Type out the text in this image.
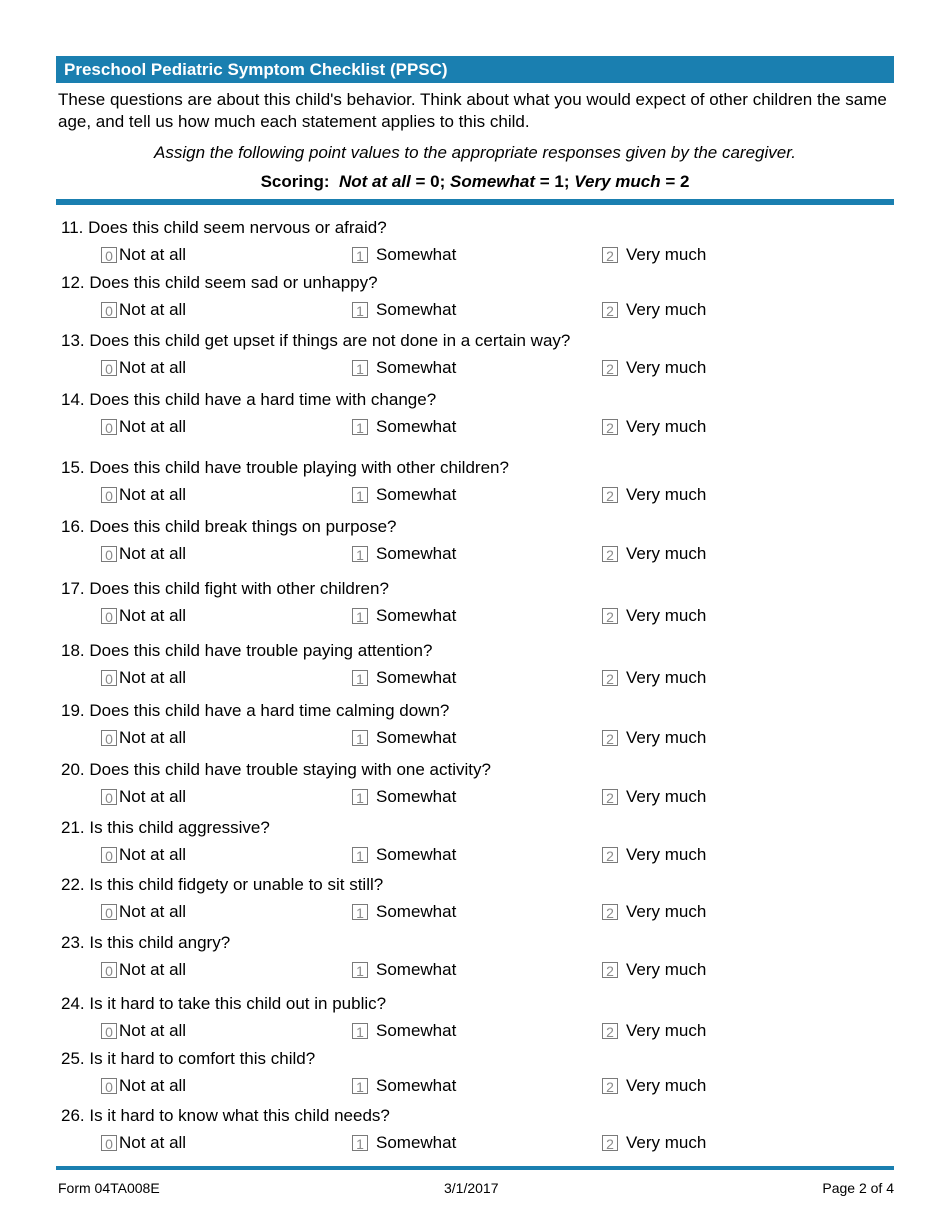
Preschool Pediatric Symptom Checklist (PPSC)
These questions are about this child's behavior. Think about what you would expect of other children the same age, and tell us how much each statement applies to this child.
Assign the following point values to the appropriate responses given by the caregiver.
Scoring: Not at all = 0; Somewhat = 1; Very much = 2
11. Does this child seem nervous or afraid?
0 Not at all	1 Somewhat	2 Very much
12. Does this child seem sad or unhappy?
0 Not at all	1 Somewhat	2 Very much
13. Does this child get upset if things are not done in a certain way?
0 Not at all	1 Somewhat	2 Very much
14. Does this child have a hard time with change?
0 Not at all	1 Somewhat	2 Very much
15. Does this child have trouble playing with other children?
0 Not at all	1 Somewhat	2 Very much
16. Does this child break things on purpose?
0 Not at all	1 Somewhat	2 Very much
17. Does this child fight with other children?
0 Not at all	1 Somewhat	2 Very much
18. Does this child have trouble paying attention?
0 Not at all	1 Somewhat	2 Very much
19. Does this child have a hard time calming down?
0 Not at all	1 Somewhat	2 Very much
20. Does this child have trouble staying with one activity?
0 Not at all	1 Somewhat	2 Very much
21. Is this child aggressive?
0 Not at all	1 Somewhat	2 Very much
22. Is this child fidgety or unable to sit still?
0 Not at all	1 Somewhat	2 Very much
23. Is this child angry?
0 Not at all	1 Somewhat	2 Very much
24. Is it hard to take this child out in public?
0 Not at all	1 Somewhat	2 Very much
25. Is it hard to comfort this child?
0 Not at all	1 Somewhat	2 Very much
26. Is it hard to know what this child needs?
0 Not at all	1 Somewhat	2 Very much
Form 04TA008E	3/1/2017	Page 2 of 4
